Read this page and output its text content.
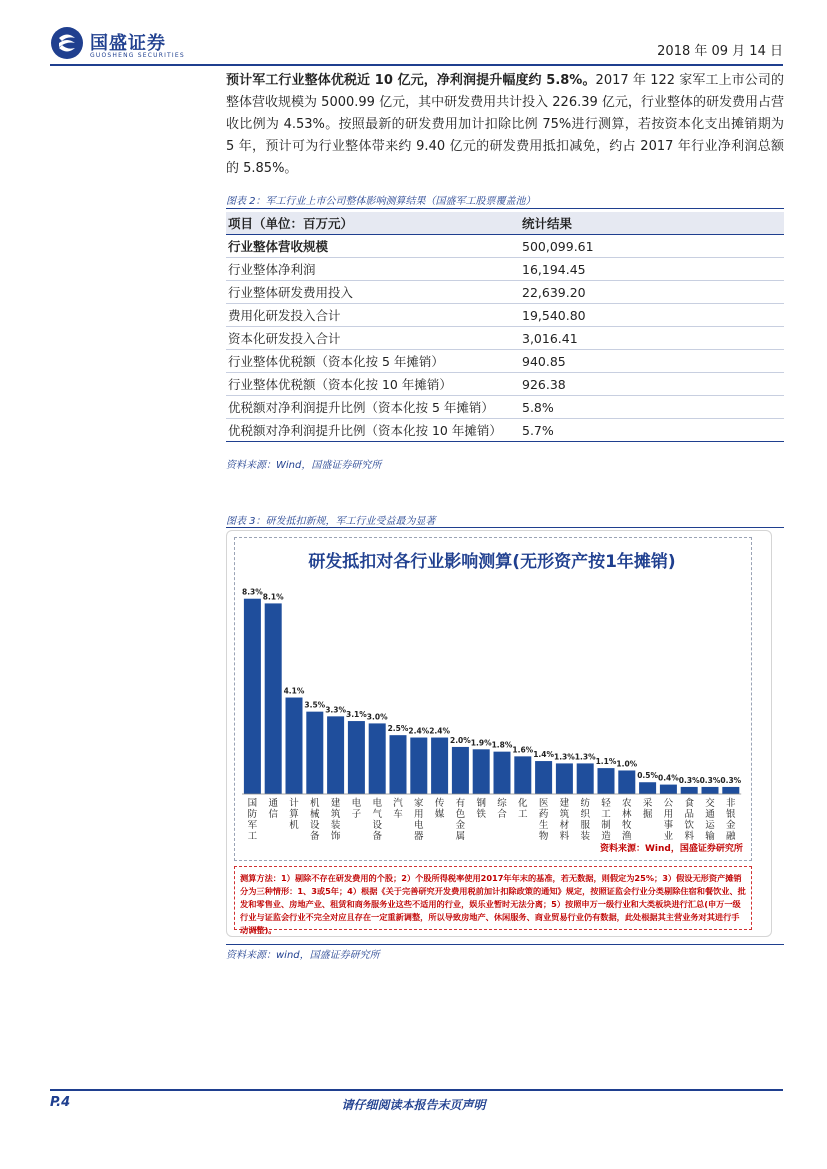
国盛证券
GUOSHENG SECURITIES	2018 年 09 月 14 日
预计军工行业整体优税近 10 亿元，净利润提升幅度约 5.8%。2017 年 122 家军工上市公司的整体营收规模为 5000.99 亿元，其中研发费用共计投入 226.39 亿元，行业整体的研发费用占营收比例为 4.53%。按照最新的研发费用加计扣除比例 75%进行测算，若按资本化支出摊销期为 5 年，预计可为行业整体带来约 9.40 亿元的研发费用抵扣减免，约占 2017 年行业净利润总额的 5.85%。
图表 2：军工行业上市公司整体影响测算结果（国盛军工股票覆盖池）
项目（单位：百万元）	统计结果
行业整体营收规模	500,099.61
行业整体净利润	16,194.45
行业整体研发费用投入	22,639.20
费用化研发投入合计	19,540.80
资本化研发投入合计	3,016.41
行业整体优税额（资本化按 5 年摊销）	940.85
行业整体优税额（资本化按 10 年摊销）	926.38
优税额对净利润提升比例（资本化按 5 年摊销）	5.8%
优税额对净利润提升比例（资本化按 10 年摊销）	5.7%
资料来源：Wind，国盛证券研究所
图表 3：研发抵扣新规，军工行业受益最为显著
研发抵扣对各行业影响测算(无形资产按1年摊销)
8.3%
国防军工
8.1%
通信
4.1%
计算机
3.5%
机械设备
3.3%
建筑装饰
3.1%
电子
3.0%
电气设备
2.5%
汽车
2.4%
家用电器
2.4%
传媒
2.0%
有色金属
1.9%
钢铁
1.8%
综合
1.6%
化工
1.4%
医药生物
1.3%
建筑材料
1.3%
纺织服装
1.1%
轻工制造
1.0%
农林牧渔
0.5%
采掘
0.4%
公用事业
0.3%
食品饮料
0.3%
交通运输
0.3%
非银金融
资料来源：Wind，国盛证券研究所
测算方法：1）剔除不存在研发费用的个股；2）个股所得税率使用2017年年末的基准，若无数据，则假定为25%；3）假设无形资产摊销分为三种情形：1、3或5年；4）根据《关于完善研究开发费用税前加计扣除政策的通知》规定，按照证监会行业分类剔除住宿和餐饮业、批发和零售业、房地产业、租赁和商务服务业这些不适用的行业，娱乐业暂时无法分离；5）按照申万一级行业和大类板块进行汇总(申万一级行业与证监会行业不完全对应且存在一定重新调整，所以导致房地产、休闲服务、商业贸易行业仍有数据，此处根据其主营业务对其进行手动调整)。
资料来源：wind，国盛证券研究所
P.4	请仔细阅读本报告末页声明
